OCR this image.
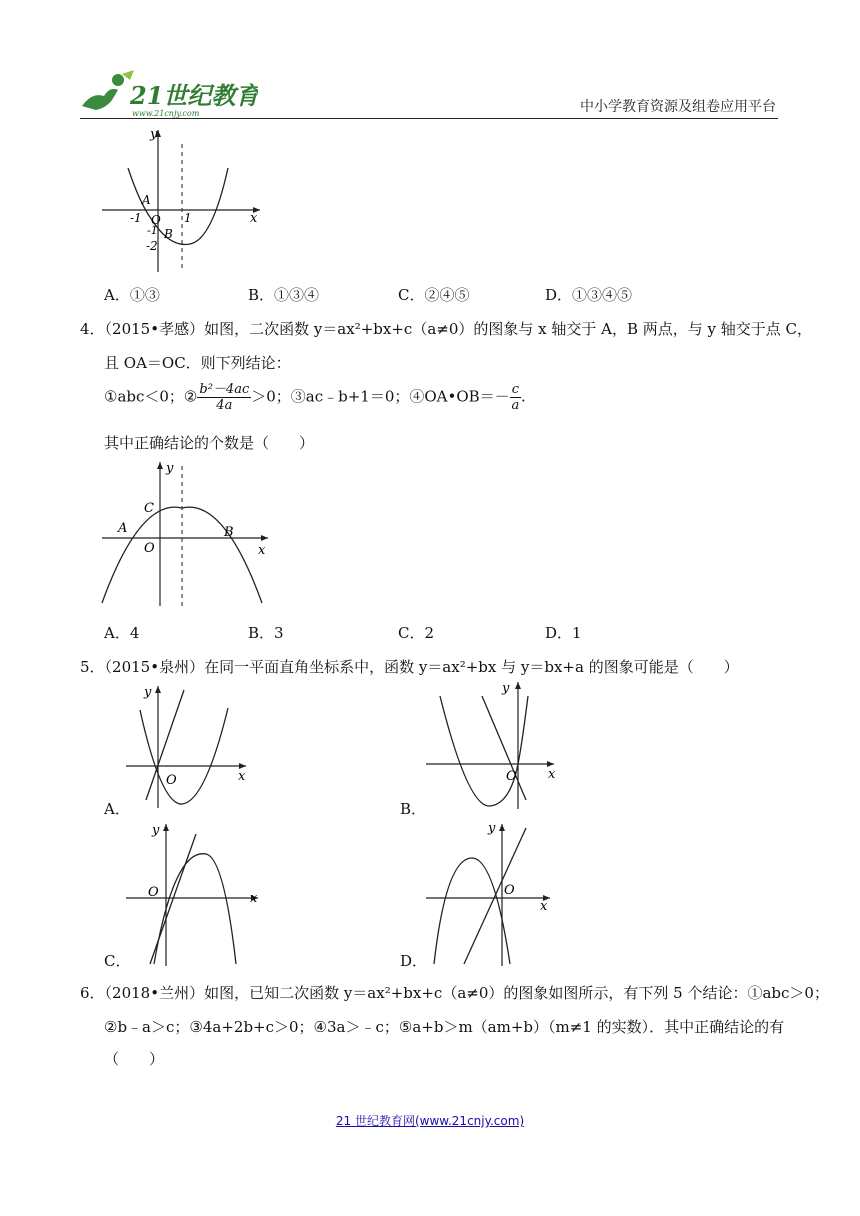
21世纪教育
www.21cnjy.com	中小学教育资源及组卷应用平台
y
x
A
O
B
-1	1
-1
-2
A．①③	B．①③④	C．②④⑤	D．①③④⑤
4．（2015•孝感）如图，二次函数 y＝ax²+bx+c（a≠0）的图象与 x 轴交于 A，B 两点，与 y 轴交于点 C，
且 OA＝OC．则下列结论：
①abc＜0；② $\frac{\text{b²－4ac}}{4a} >0$；③ac﹣b+1＝0；④OA•OB＝－ $\frac{c}{a}$ .
其中正确结论的个数是（　　）
y
x
A	B
C
O
A．4	B．3	C．2	D．1
5．（2015•泉州）在同一平面直角坐标系中，函数 y＝ax²+bx 与 y＝bx+a 的图象可能是（　　）
y
x
O
A．
y
x
O
B．
y
x
O
C．
y
x
O
D．
6．（2018•兰州）如图，已知二次函数 y＝ax²+bx+c（a≠0）的图象如图所示，有下列 5 个结论：①abc＞0；
②b﹣a＞c；③4a+2b+c＞0；④3a＞﹣c；⑤a+b＞m（am+b）（m≠1 的实数）．其中正确结论的有
（　　）
21 世纪教育网(www.21cnjy.com)
